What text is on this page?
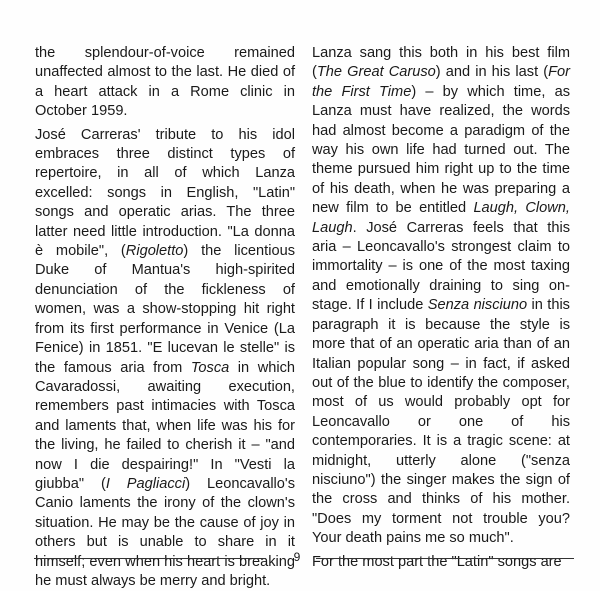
the splendour-of-voice remained unaffected almost to the last. He died of a heart attack in a Rome clinic in October 1959.

José Carreras' tribute to his idol embraces three distinct types of repertoire, in all of which Lanza excelled: songs in English, "Latin" songs and operatic arias. The three latter need little introduction. "La donna è mobile", (Rigoletto) the licentious Duke of Mantua's high-spirited denunciation of the fickleness of women, was a show-stopping hit right from its first performance in Venice (La Fenice) in 1851. "E lucevan le stelle" is the famous aria from Tosca in which Cavaradossi, awaiting execution, remembers past intimacies with Tosca and laments that, when life was his for the living, he failed to cherish it – "and now I die despairing!" In "Vesti la giubba" (I Pagliacci) Leoncavallo's Canio laments the irony of the clown's situation. He may be the cause of joy in others but is unable to share in it himself; even when his heart is breaking he must always be merry and bright.

Lanza sang this both in his best film (The Great Caruso) and in his last (For the First Time) – by which time, as Lanza must have realized, the words had almost become a paradigm of the way his own life had turned out. The theme pursued him right up to the time of his death, when he was preparing a new film to be entitled Laugh, Clown, Laugh. José Carreras feels that this aria – Leoncavallo's strongest claim to immortality – is one of the most taxing and emotionally draining to sing on-stage. If I include Senza nisciuno in this paragraph it is because the style is more that of an operatic aria than of an Italian popular song – in fact, if asked out of the blue to identify the composer, most of us would probably opt for Leoncavallo or one of his contemporaries. It is a tragic scene: at midnight, utterly alone ("senza nisciuno") the singer makes the sign of the cross and thinks of his mother. "Does my torment not trouble you? Your death pains me so much".

For the most part the "Latin" songs are

9
